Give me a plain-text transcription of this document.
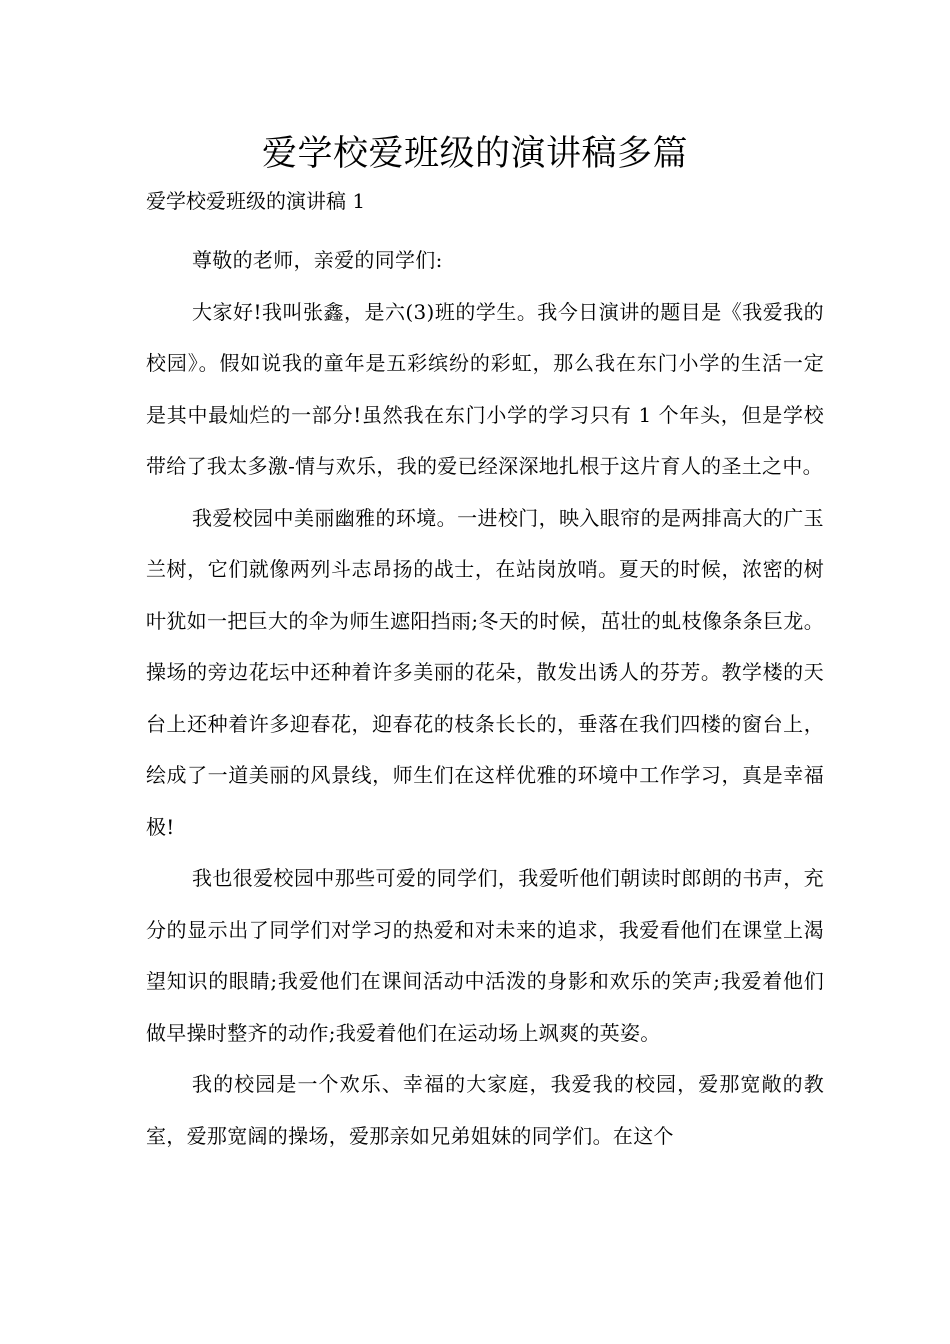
爱学校爱班级的演讲稿多篇

爱学校爱班级的演讲稿 1

尊敬的老师，亲爱的同学们:

大家好!我叫张鑫，是六(3)班的学生。我今日演讲的题目是《我爱我的校园》。假如说我的童年是五彩缤纷的彩虹，那么我在东门小学的生活一定是其中最灿烂的一部分!虽然我在东门小学的学习只有 1 个年头，但是学校带给了我太多激-情与欢乐，我的爱已经深深地扎根于这片育人的圣土之中。

我爱校园中美丽幽雅的环境。一进校门，映入眼帘的是两排高大的广玉兰树，它们就像两列斗志昂扬的战士，在站岗放哨。夏天的时候，浓密的树叶犹如一把巨大的伞为师生遮阳挡雨;冬天的时候，茁壮的虬枝像条条巨龙。操场的旁边花坛中还种着许多美丽的花朵，散发出诱人的芬芳。教学楼的天台上还种着许多迎春花，迎春花的枝条长长的，垂落在我们四楼的窗台上，绘成了一道美丽的风景线，师生们在这样优雅的环境中工作学习，真是幸福极!

我也很爱校园中那些可爱的同学们，我爱听他们朝读时郎朗的书声，充分的显示出了同学们对学习的热爱和对未来的追求，我爱看他们在课堂上渴望知识的眼睛;我爱他们在课间活动中活泼的身影和欢乐的笑声;我爱着他们做早操时整齐的动作;我爱着他们在运动场上飒爽的英姿。

我的校园是一个欢乐、幸福的大家庭，我爱我的校园，爱那宽敞的教室，爱那宽阔的操场，爱那亲如兄弟姐妹的同学们。在这个
